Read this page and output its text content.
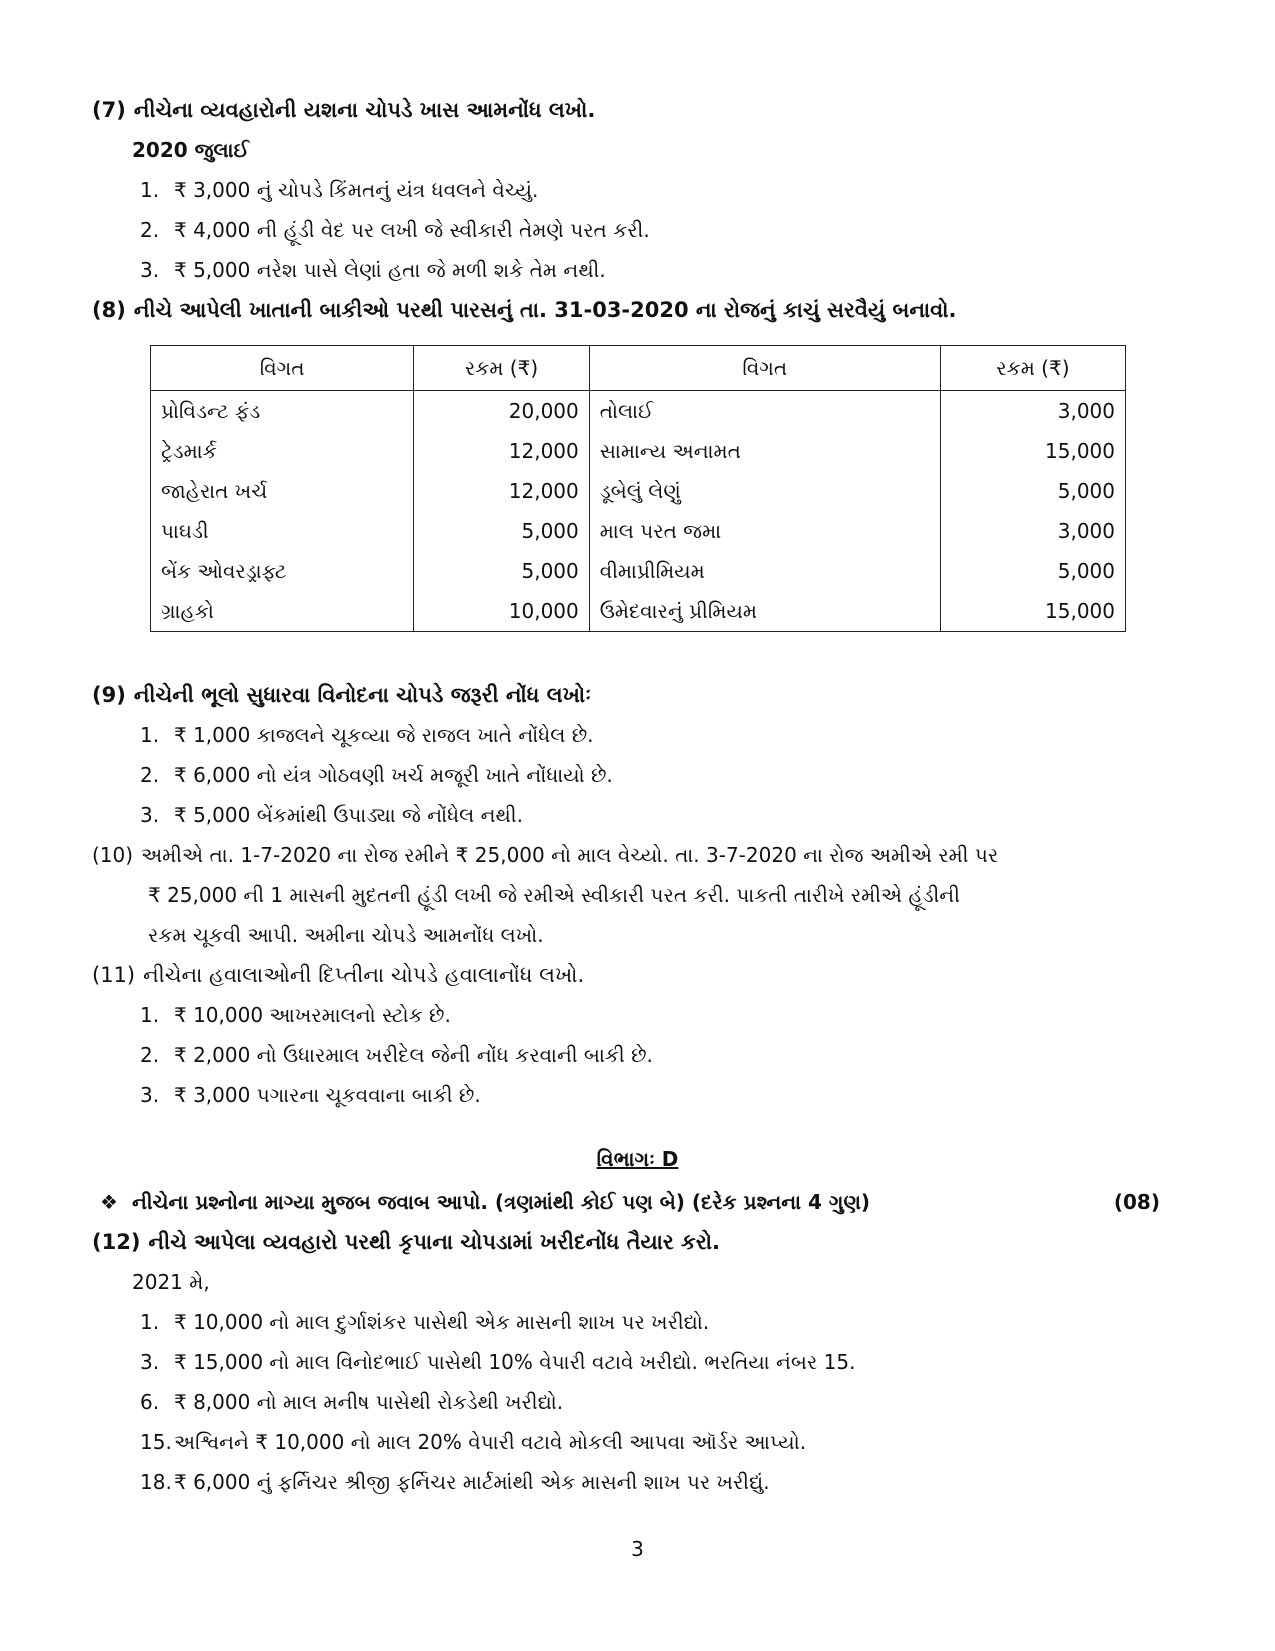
(7) નીચેના વ્યવહારોની યશના ચોપડે ખાસ આમનોંધ લખો.
2020 જુલાઈ
1. ₹ 3,000 નું ચોપડે કિંમતનું યંત્ર ધવલને વેચ્યું.
2. ₹ 4,000 ની હૂંડી વેદ પર લખી જે સ્વીકારી તેમણે પરત કરી.
3. ₹ 5,000 નરેશ પાસે લેણાં હતા જે મળી શકે તેમ નથી.
(8) નીચે આપેલી ખાતાની બાકીઓ પરથી પારસનું તા. 31-03-2020 ના રોજનું કાચું સરવૈયું બનાવો.
વિગત	રકમ (₹)	વિગત	રકમ (₹)
પ્રોવિડન્ટ ફંડ	20,000	તોલાઈ	3,000
ટ્રેડમાર્ક	12,000	સામાન્ય અનામત	15,000
જાહેરાત ખર્ચ	12,000	ડૂબેલું લેણું	5,000
પાઘડી	5,000	માલ પરત જમા	3,000
બેંક ઓવરડ્રાફ્ટ	5,000	વીમાપ્રીમિયમ	5,000
ગ્રાહકો	10,000	ઉમેદવારનું પ્રીમિયમ	15,000
(9) નીચેની ભૂલો સુધારવા વિનોદના ચોપડે જરૂરી નોંધ લખોઃ
1. ₹ 1,000 કાજલને ચૂકવ્યા જે રાજલ ખાતે નોંધેલ છે.
2. ₹ 6,000 નો યંત્ર ગોઠવણી ખર્ચ મજૂરી ખાતે નોંધાયો છે.
3. ₹ 5,000 બેંકમાંથી ઉપાડ્યા જે નોંધેલ નથી.
(10) અમીએ તા. 1-7-2020 ના રોજ રમીને ₹ 25,000 નો માલ વેચ્યો. તા. 3-7-2020 ના રોજ અમીએ રમી પર
₹ 25,000 ની 1 માસની મુદતની હૂંડી લખી જે રમીએ સ્વીકારી પરત કરી. પાકતી તારીખે રમીએ હૂંડીની
રકમ ચૂકવી આપી. અમીના ચોપડે આમનોંધ લખો.
(11) નીચેના હવાલાઓની દિપ્તીના ચોપડે હવાલાનોંધ લખો.
1. ₹ 10,000 આખરમાલનો સ્ટોક છે.
2. ₹ 2,000 નો ઉધારમાલ ખરીદેલ જેની નોંધ કરવાની બાકી છે.
3. ₹ 3,000 પગારના ચૂકવવાના બાકી છે.
વિભાગઃ D
❖ નીચેના પ્રશ્નોના માગ્યા મુજબ જવાબ આપો. (ત્રણમાંથી કોઈ પણ બે) (દરેક પ્રશ્નના 4 ગુણ)	(08)
(12) નીચે આપેલા વ્યવહારો પરથી કૃપાના ચોપડામાં ખરીદનોંધ તૈયાર કરો.
2021 મે,
1. ₹ 10,000 નો માલ દુર્ગાશંકર પાસેથી એક માસની શાખ પર ખરીદ્યો.
3. ₹ 15,000 નો માલ વિનોદભાઈ પાસેથી 10% વેપારી વટાવે ખરીદ્યો. ભરતિયા નંબર 15.
6. ₹ 8,000 નો માલ મનીષ પાસેથી રોકડેથી ખરીદ્યો.
15. અશ્વિનને ₹ 10,000 નો માલ 20% વેપારી વટાવે મોકલી આપવા ઑર્ડર આપ્યો.
18. ₹ 6,000 નું ફર્નિચર શ્રીજી ફર્નિચર માર્ટમાંથી એક માસની શાખ પર ખરીદ્યું.
3
